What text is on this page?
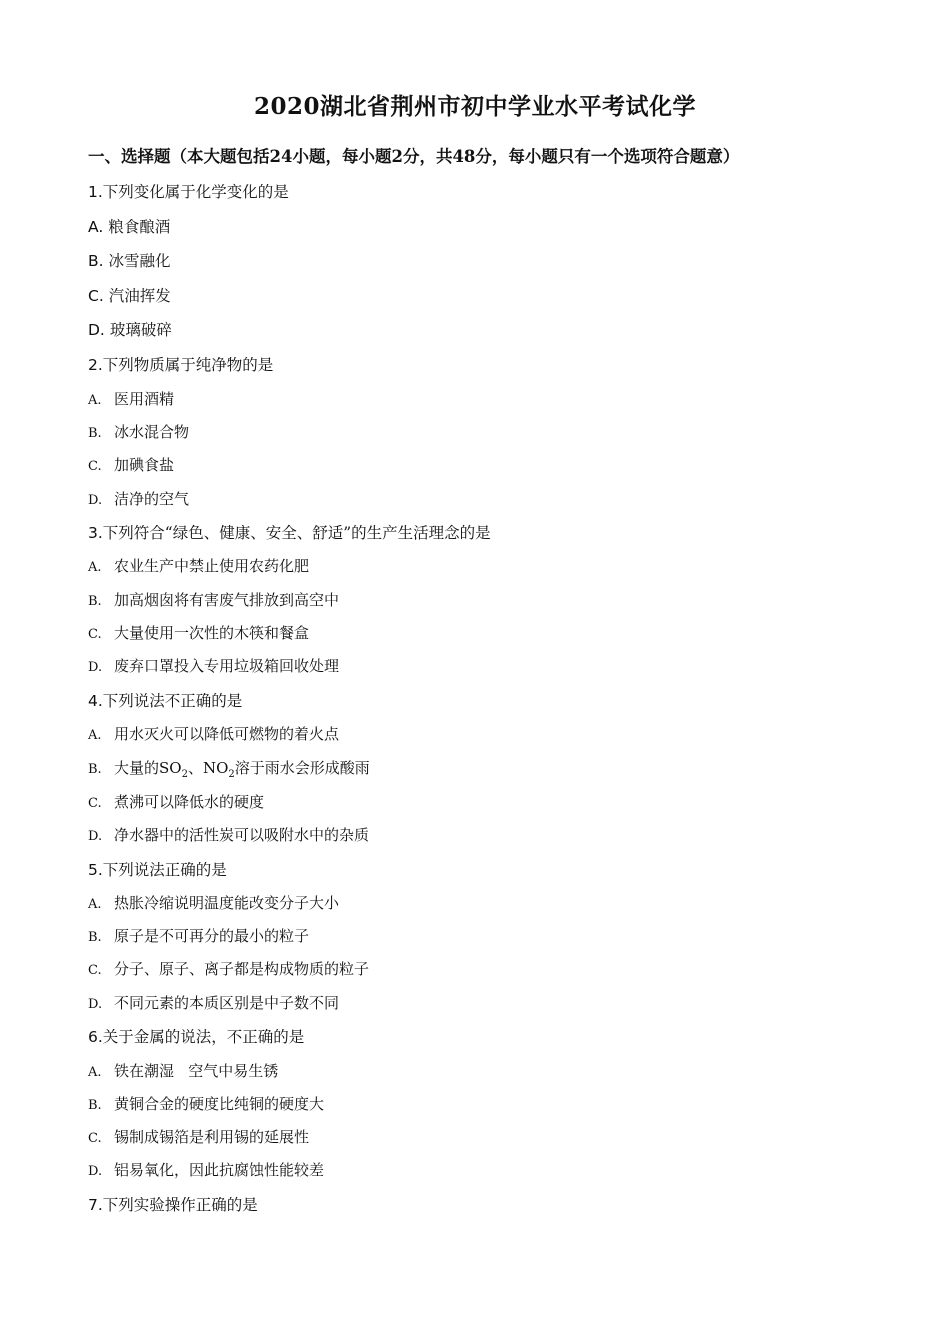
2020湖北省荆州市初中学业水平考试化学
一、选择题（本大题包括24小题，每小题2分，共48分，每小题只有一个选项符合题意）
1.下列变化属于化学变化的是
A. 粮食酿酒
B. 冰雪融化
C. 汽油挥发
D. 玻璃破碎
2.下列物质属于纯净物的是
A. 医用酒精
B. 冰水混合物
C. 加碘食盐
D. 洁净的空气
3.下列符合“绿色、健康、安全、舒适”的生产生活理念的是
A. 农业生产中禁止使用农药化肥
B. 加高烟囱将有害废气排放到高空中
C. 大量使用一次性的木筷和餐盒
D. 废弃口罩投入专用垃圾箱回收处理
4.下列说法不正确的是
A. 用水灭火可以降低可燃物的着火点
B. 大量的$SO_2$、$NO_2$溶于雨水会形成酸雨
C. 煮沸可以降低水的硬度
D. 净水器中的活性炭可以吸附水中的杂质
5.下列说法正确的是
A. 热胀冷缩说明温度能改变分子大小
B. 原子是不可再分的最小的粒子
C. 分子、原子、离子都是构成物质的粒子
D. 不同元素的本质区别是中子数不同
6.关于金属的说法，不正确的是
A. 铁在潮湿   空气中易生锈
B. 黄铜合金的硬度比纯铜的硬度大
C. 锡制成锡箔是利用锡的延展性
D. 铝易氧化，因此抗腐蚀性能较差
7.下列实验操作正确的是
